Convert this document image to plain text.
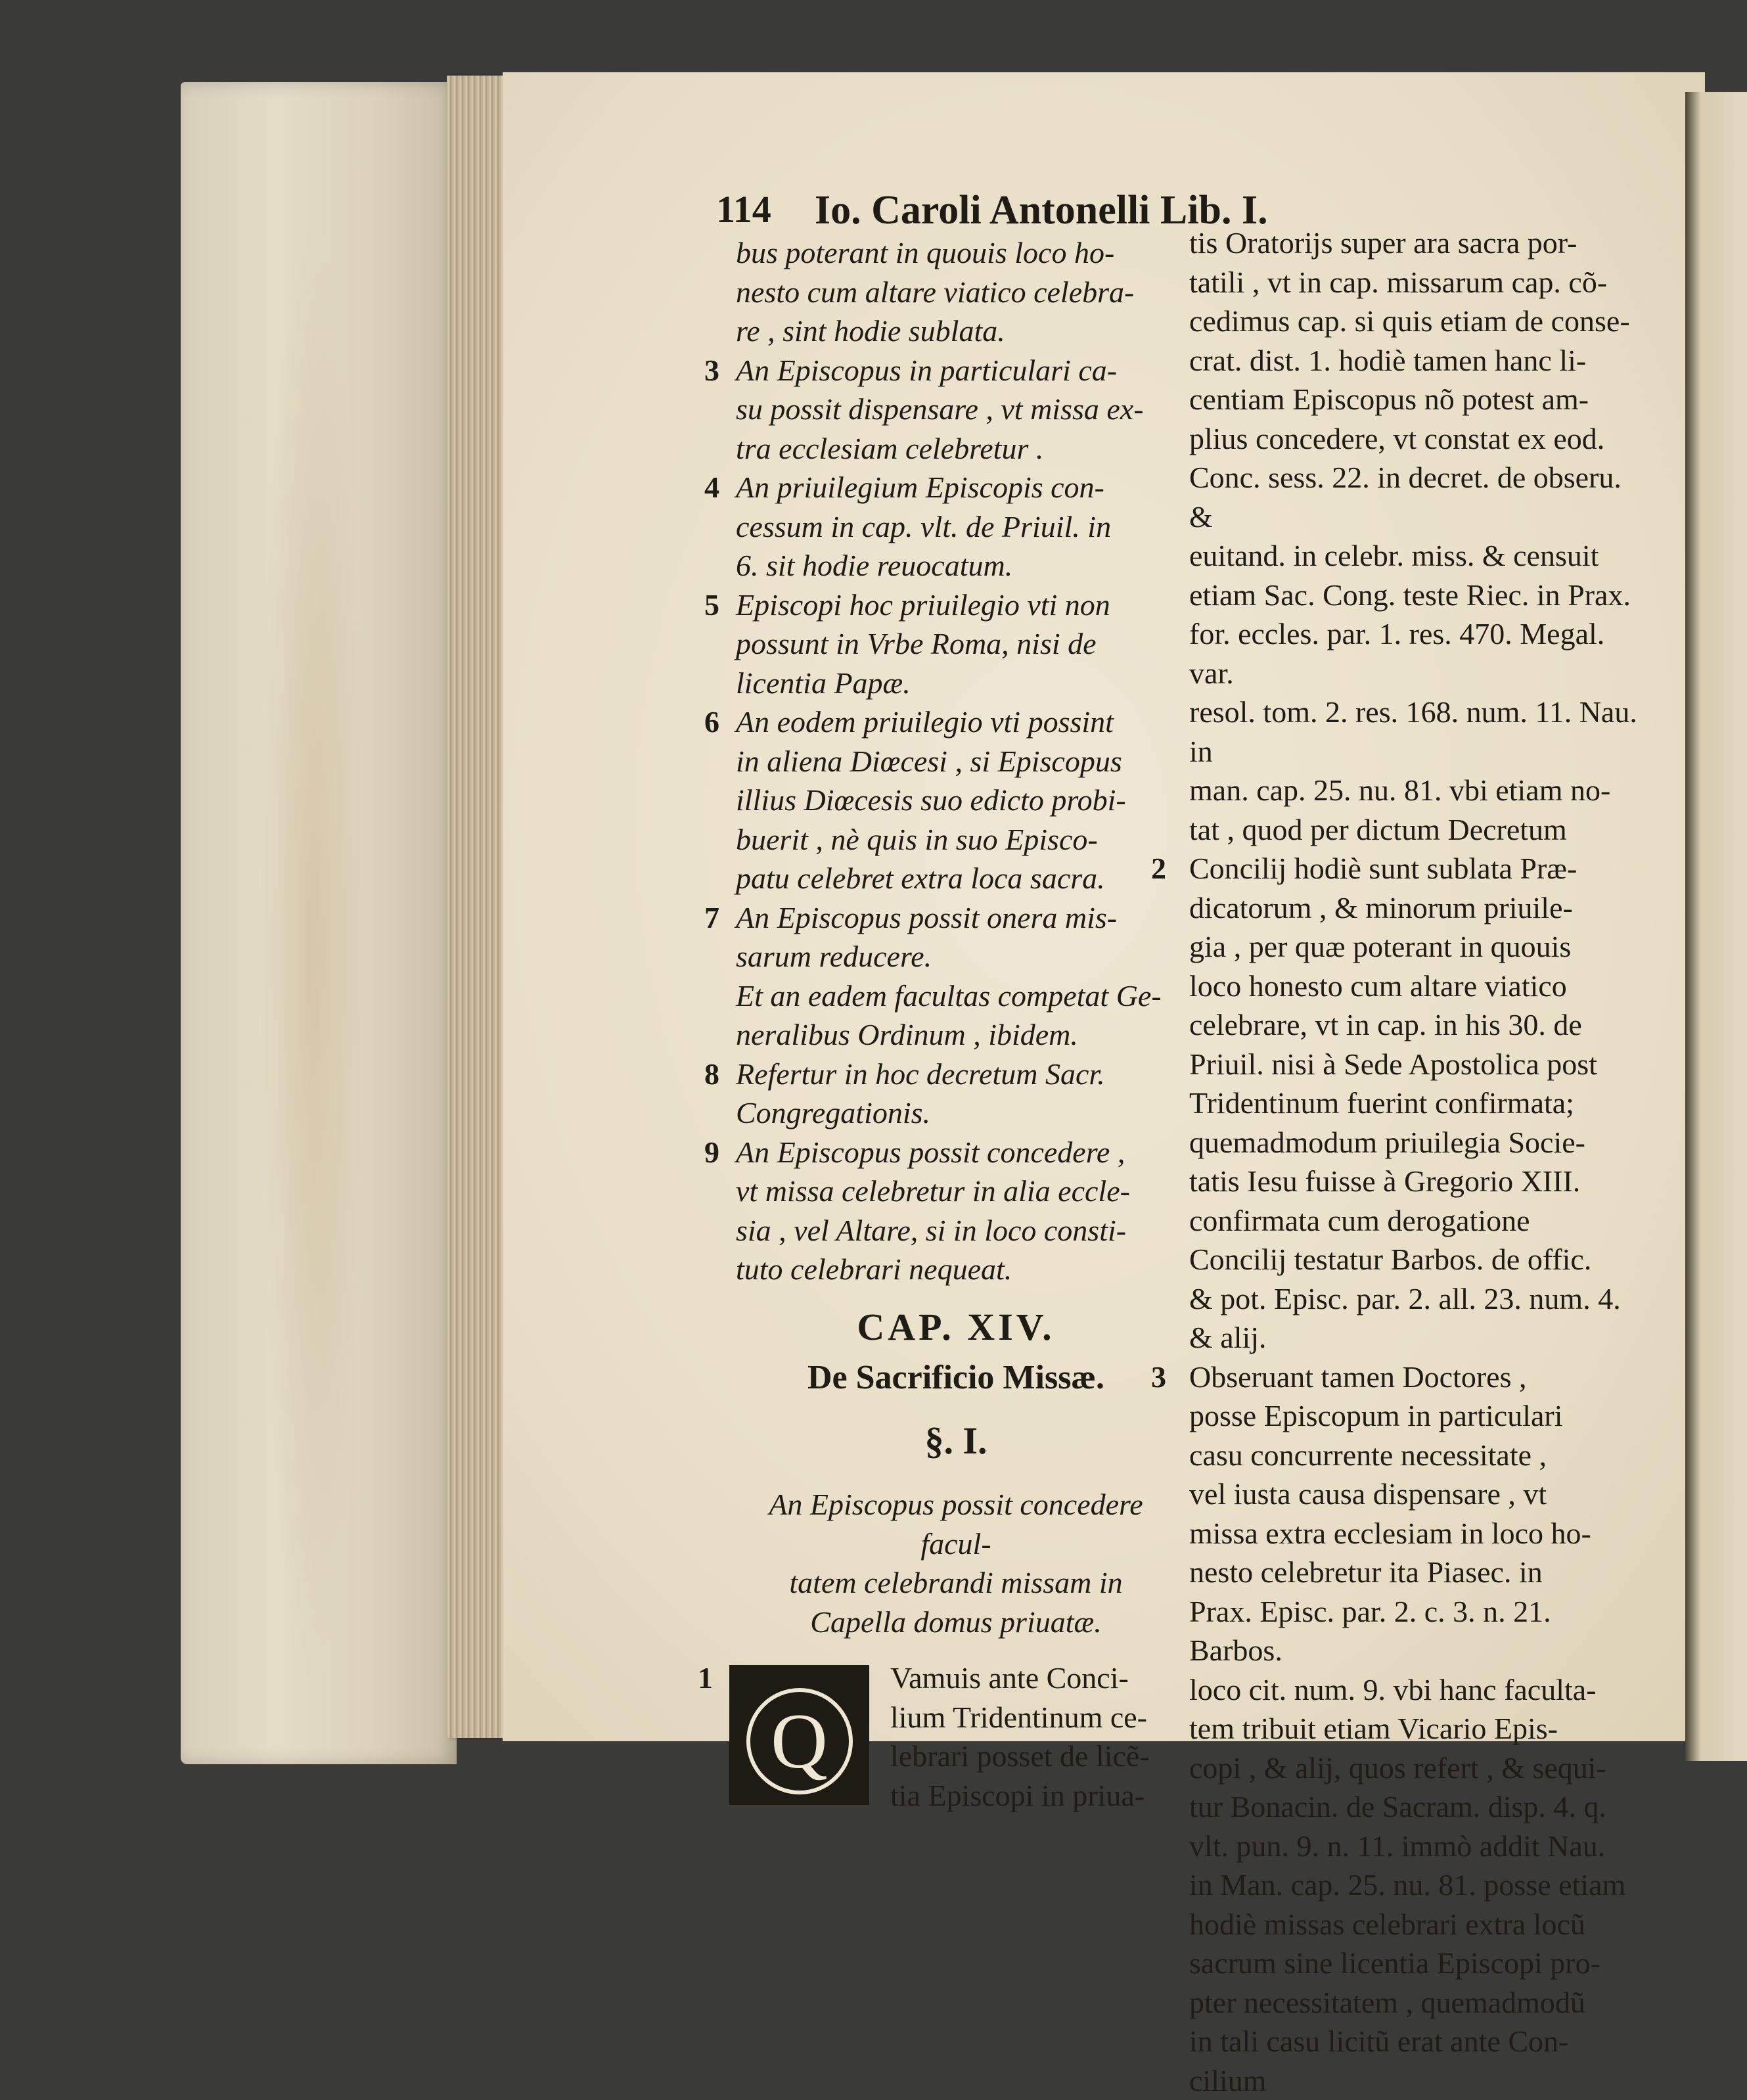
114 Io. Caroli Antonelli Lib. I.
bus poterant in quouis loco ho-
nesto cum altare viatico celebra-
re , sint hodie sublata.
3 An Episcopus in particulari ca-
su possit dispensare , vt missa ex-
tra ecclesiam celebretur .
4 An priuilegium Episcopis con-
cessum in cap. vlt. de Priuil. in
6. sit hodie reuocatum.
5 Episcopi hoc priuilegio vti non
possunt in Vrbe Roma, nisi de
licentia Papæ.
6 An eodem priuilegio vti possint
in aliena Diœcesi , si Episcopus
illius Diœcesis suo edicto probi-
buerit , nè quis in suo Episco-
patu celebret extra loca sacra.
7 An Episcopus possit onera mis-
sarum reducere.
Et an eadem facultas competat Ge-
neralibus Ordinum , ibidem.
8 Refertur in hoc decretum Sacr.
Congregationis.
9 An Episcopus possit concedere ,
vt missa celebretur in alia eccle-
sia , vel Altare, si in loco consti-
tuto celebrari nequeat.
CAP. XIV.
De Sacrificio Missæ.
§. I.
An Episcopus possit concedere facul-
tatem celebrandi missam in
Capella domus priuatæ.
1
Q
Vamuis ante Conci-
lium Tridentinum ce-
lebrari posset de licẽ-
tia Episcopi in priua-
tis Oratorijs super ara sacra por-
tatili , vt in cap. missarum cap. cõ-
cedimus cap. si quis etiam de conse-
crat. dist. 1. hodiè tamen hanc li-
centiam Episcopus nõ potest am-
plius concedere, vt constat ex eod.
Conc. sess. 22. in decret. de obseru. &
euitand. in celebr. miss. & censuit
etiam Sac. Cong. teste Riec. in Prax.
for. eccles. par. 1. res. 470. Megal. var.
resol. tom. 2. res. 168. num. 11. Nau. in
man. cap. 25. nu. 81. vbi etiam no-
tat , quod per dictum Decretum
2 Concilij hodiè sunt sublata Præ-
dicatorum , & minorum priuile-
gia , per quæ poterant in quouis
loco honesto cum altare viatico
celebrare, vt in cap. in his 30. de
Priuil. nisi à Sede Apostolica post
Tridentinum fuerint confirmata;
quemadmodum priuilegia Socie-
tatis Iesu fuisse à Gregorio XIII.
confirmata cum derogatione
Concilij testatur Barbos. de offic.
& pot. Episc. par. 2. all. 23. num. 4.
& alij.
3 Obseruant tamen Doctores ,
posse Episcopum in particulari
casu concurrente necessitate ,
vel iusta causa dispensare , vt
missa extra ecclesiam in loco ho-
nesto celebretur ita Piasec. in
Prax. Episc. par. 2. c. 3. n. 21. Barbos.
loco cit. num. 9. vbi hanc faculta-
tem tribuit etiam Vicario Epis-
copi , & alij, quos refert , & sequi-
tur Bonacin. de Sacram. disp. 4. q.
vlt. pun. 9. n. 11. immò addit Nau.
in Man. cap. 25. nu. 81. posse etiam
hodiè missas celebrari extra locũ
sacrum sine licentia Episcopi pro-
pter necessitatem , quemadmodũ
in tali casu licitũ erat ante Con-
cilium
